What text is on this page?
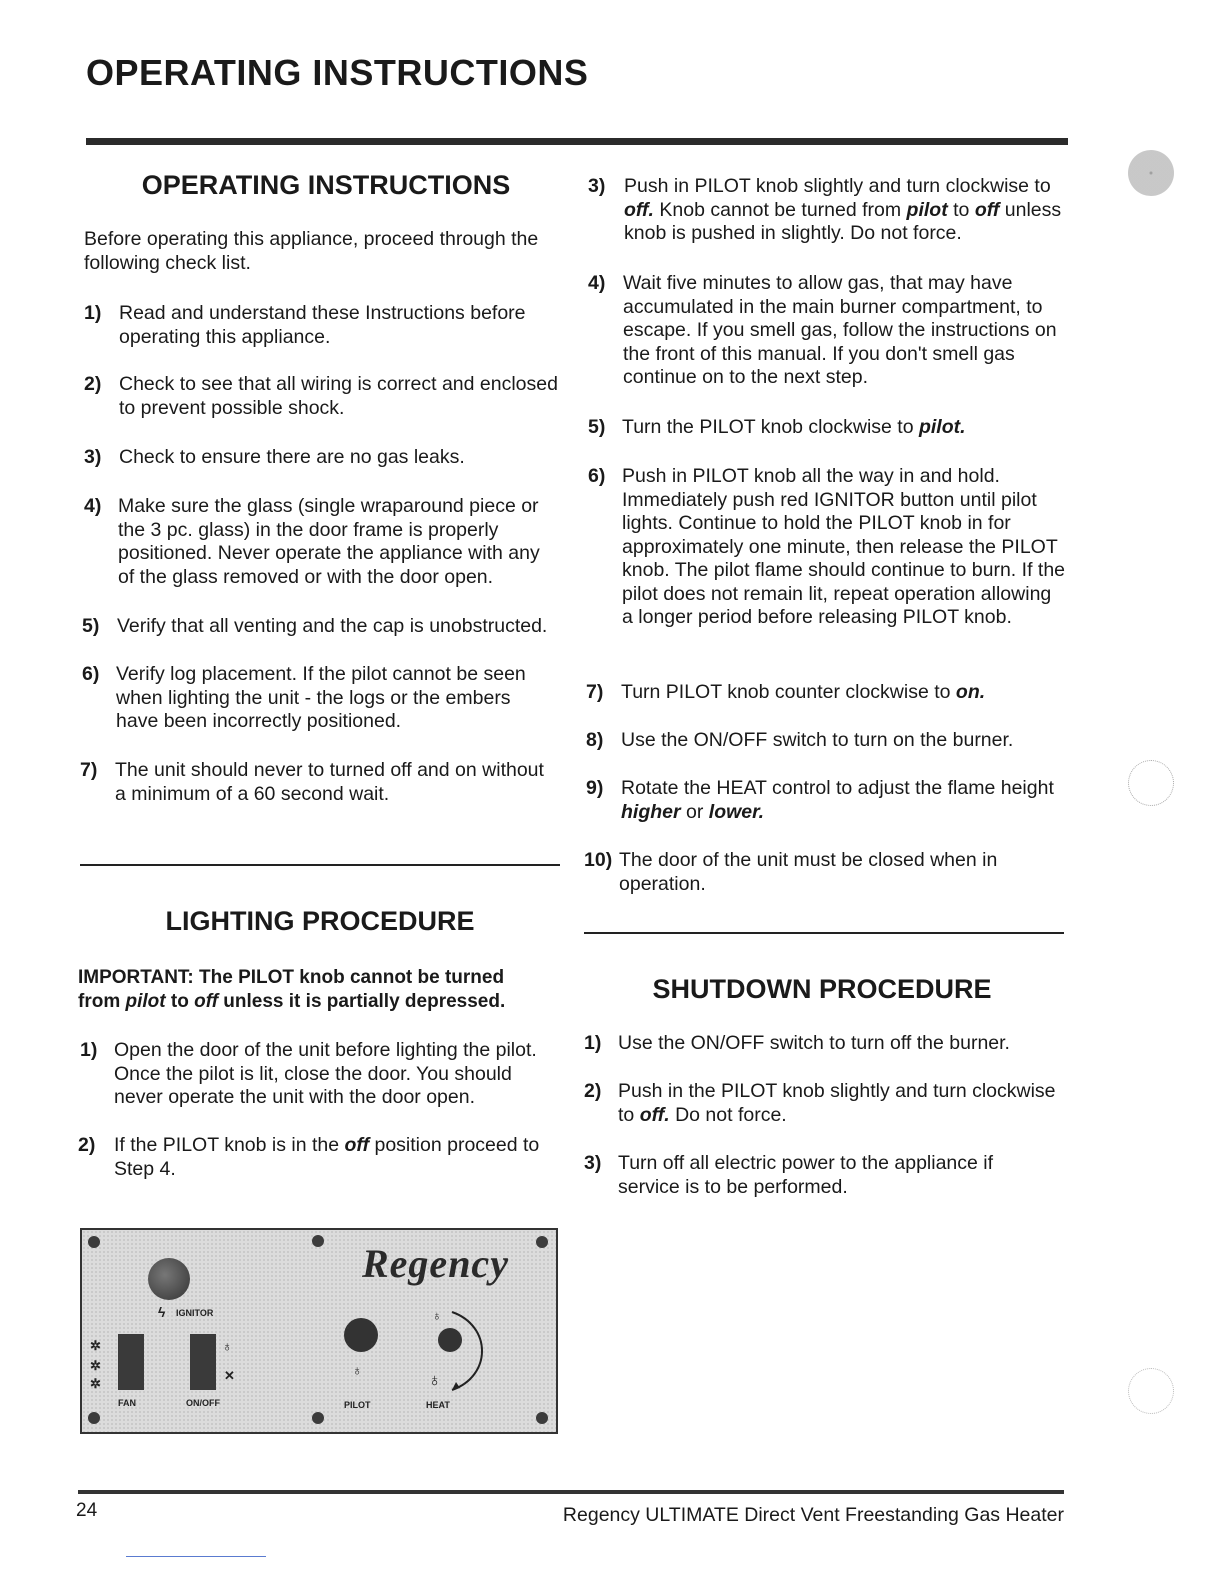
OPERATING INSTRUCTIONS
OPERATING INSTRUCTIONS
Before operating this appliance, proceed through the following check list.
1) Read and understand these Instructions before operating this appliance.
2) Check to see that all wiring is correct and enclosed to prevent possible shock.
3) Check to ensure there are no gas leaks.
4) Make sure the glass (single wraparound piece or the 3 pc. glass) in the door frame is properly positioned. Never operate the appliance with any of the glass removed or with the door open.
5) Verify that all venting and the cap is unobstructed.
6) Verify log placement. If the pilot cannot be seen when lighting the unit - the logs or the embers have been incorrectly positioned.
7) The unit should never to turned off and on without a minimum of a 60 second wait.
LIGHTING PROCEDURE
IMPORTANT: The PILOT knob cannot be turned from pilot to off unless it is partially depressed.
1) Open the door of the unit before lighting the pilot. Once the pilot is lit, close the door. You should never operate the unit with the door open.
2) If the PILOT knob is in the off position proceed to Step 4.
Regency
ϟ IGNITOR
✲
✲
✲
FAN
♁
✕
ON/OFF
♁
PILOT
♁
♁
HEAT
3) Push in PILOT knob slightly and turn clockwise to off. Knob cannot be turned from pilot to off unless knob is pushed in slightly. Do not force.
4) Wait five minutes to allow gas, that may have accumulated in the main burner compartment, to escape. If you smell gas, follow the instructions on the front of this manual. If you don't smell gas continue on to the next step.
5) Turn the PILOT knob clockwise to pilot.
6) Push in PILOT knob all the way in and hold. Immediately push red IGNITOR button until pilot lights. Continue to hold the PILOT knob in for approximately one minute, then release the PILOT knob. The pilot flame should continue to burn. If the pilot does not remain lit, repeat operation allowing a longer period before releasing PILOT knob.
7) Turn PILOT knob counter clockwise to on.
8) Use the ON/OFF switch to turn on the burner.
9) Rotate the HEAT control to adjust the flame height higher or lower.
10) The door of the unit must be closed when in operation.
SHUTDOWN PROCEDURE
1) Use the ON/OFF switch to turn off the burner.
2) Push in the PILOT knob slightly and turn clockwise to off. Do not force.
3) Turn off all electric power to the appliance if service is to be performed.
24	Regency ULTIMATE Direct Vent Freestanding Gas Heater
